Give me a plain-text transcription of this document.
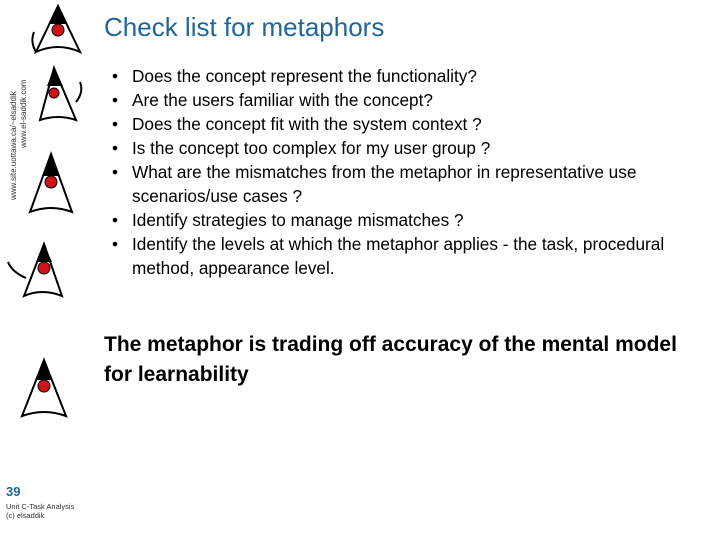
www.site.uottawa.ca/~elsaddik www.el-saddik.com
Check list for metaphors
• Does the concept represent the functionality?
• Are the users familiar with the concept?
• Does the concept fit with the system context ?
• Is the concept too complex for my user group ?
• What are the mismatches from the metaphor in representative use scenarios/use cases ?
• Identify strategies to manage mismatches ?
• Identify the levels at which the metaphor applies - the task, procedural method, appearance level.
The metaphor is trading off accuracy of the mental model for learnability
39
Unit C-Task Analysis
(c) elsaddik
